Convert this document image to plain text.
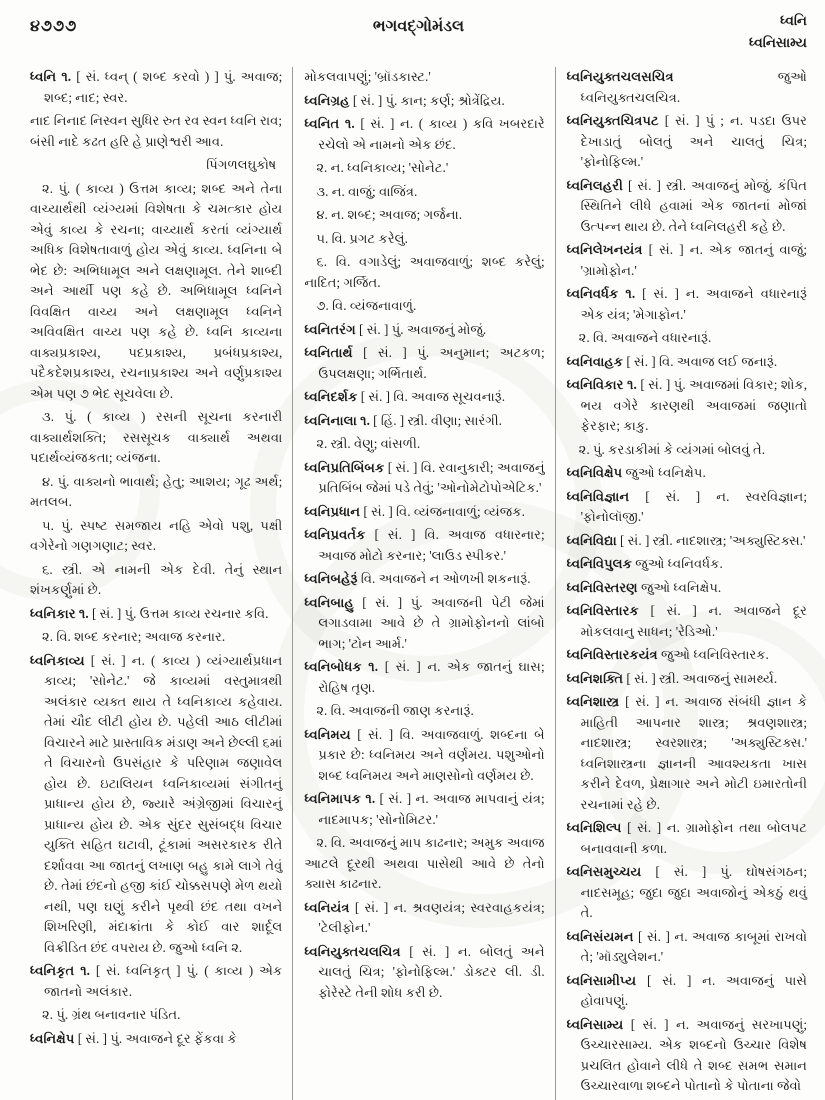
૪૭૭૭	ભગવદ્ગોમંડલ	ધ્વનિ
ધ્વનિસામ્ય

ધ્વનિ ૧. [ સં. ધ્વન્ ( શબ્દ કરવો ) ] પું. અવાજ; શબ્દ; નાદ; સ્વર.

નાદ નિનાદ નિસ્વન સુધિર રુત રવ સ્વન ધ્વનિ રાવ; બંસી નાદે કઢત હરિ હે પ્રાણેશ્વરી આવ.

પિંગળલઘુકોષ

૨. પું. ( કાવ્ય ) ઉત્તમ કાવ્ય; શબ્દ અને તેના વાચ્યાર્થથી વ્યંગ્યમાં વિશેષતા કે ચમત્કાર હોય એવું કાવ્ય કે રચના; વાચ્યાર્થ કરતાં વ્યંગ્યાર્થ અધિક વિશેષતાવાળું હોય એવું કાવ્ય. ધ્વનિના બે ભેદ છે: અભિધામૂલ અને લક્ષણામૂલ. તેને શાબ્દી અને આર્થી પણ કહે છે. અભિધામૂલ ધ્વનિને વિવક્ષિત વાચ્ય અને લક્ષણામૂલ ધ્વનિને અવિવક્ષિત વાચ્ય પણ કહે છે. ધ્વનિ કાવ્યના વાક્યપ્રકાશ્ય, પદપ્રકાશ્ય, પ્રબંધપ્રકાશ્ય, પદૈકદેશપ્રકાશ્ય, રચનાપ્રકાશ્ય અને વર્ણુપ્રકાશ્ય એમ પણ ૭ ભેદ સૂચવેલા છે.

૩. પું. ( કાવ્ય ) રસની સૂચના કરનારી વાક્યાર્થશક્તિ; રસસૂચક વાક્યાર્થ અથવા પદાર્થવ્યંજકતા; વ્યંજના.

૪. પું. વાક્યનો ભાવાર્થ; હેતુ; આશય; ગૂઢ અર્થ; મતલબ.

૫. પું. સ્પષ્ટ સમજાય નહિ એવો પશુ, પક્ષી વગેરેનો ગણગણાટ; સ્વર.

૬. સ્ત્રી. એ નામની એક દેવી. તેનું સ્થાન શંખકર્ણુમાં છે.

ધ્વનિકાર ૧. [ સં. ] પું. ઉત્તમ કાવ્ય રચનાર કવિ.

૨. વિ. શબ્દ કરનાર; અવાજ કરનાર.

ધ્વનિકાવ્ય [ સં. ] ન. ( કાવ્ય ) વ્યંગ્યાર્થપ્રધાન કાવ્ય; 'સોનેટ.' જે કાવ્યમાં વસ્તુમાત્રથી અલંકાર વ્યક્ત થાય તે ધ્વનિકાવ્ય કહેવાય. તેમાં ચૌદ લીટી હોય છે. પહેલી આઠ લીટીમાં વિચારને માટે પ્રાસ્તાવિક મંડાણ અને છેલ્લી ૬માં તે વિચારનો ઉપસંહાર કે પરિણામ જણાવેલ હોય છે. ઇટાલિયન ધ્વનિકાવ્યમાં સંગીતનું પ્રાધાન્ય હોય છે, જ્યારે અંગ્રેજીમાં વિચારનું પ્રાધાન્ય હોય છે. એક સુંદર સુસંબદ્ધ વિચાર યુક્તિ સહિત ઘટાવી, ટૂંકામાં અસરકારક રીતે દર્શાવવા આ જાતનું લખાણ બહુ કામે લાગે તેવું છે. તેમાં છંદનો હજી કાંઈ ચોક્કસપણે મેળ થયો નથી, પણ ઘણું કરીને પૃથ્વી છંદ તથા વખને શિખરિણી, મંદાક્રાંતા કે કોઈ વાર શાર્દૂલ વિક્રીડિત છંદ વપરાય છે. જુઓ ધ્વનિ ૨.

ધ્વનિકૃત ૧. [ સં. ધ્વનિકૃત્ ] પું. ( કાવ્ય ) એક જાતનો અલંકાર.

૨. પું. ગ્રંથ બનાવનાર પંડિત.

ધ્વનિક્ષેપ [ સં. ] પું. અવાજને દૂર ફેંકવા કે

મોકલવાપણું; 'બ્રૉડકાસ્ટ.'

ધ્વનિગ્રહ [ સં. ] પું. કાન; કર્ણ; શ્રોત્રેંદ્રિય.

ધ્વનિત ૧. [ સં. ] ન. ( કાવ્ય ) કવિ ખબરદારે રચેલો એ નામનો એક છંદ.

૨. ન. ધ્વનિકાવ્ય; 'સોનેટ.'

૩. ન. વાજું; વાજિંત્ર.

૪. ન. શબ્દ; અવાજ; ગર્જના.

૫. વિ. પ્રગટ કરેલું.

૬. વિ. વગાડેલું; અવાજવાળું; શબ્દ કરેલું; નાદિત; ગર્જિત.

૭. વિ. વ્યંજનાવાળું.

ધ્વનિતરંગ [ સં. ] પું. અવાજનું મોજું.

ધ્વનિતાર્થ [ સં. ] પું. અનુમાન; અટકળ; ઉપલક્ષણા; ગર્ભિતાર્થ.

ધ્વનિદર્શક [ સં. ] વિ. અવાજ સૂચવનારૂં.

ધ્વનિનાલા ૧. [ હિં. ] સ્ત્રી. વીણા; સારંગી.

૨. સ્ત્રી. વેણુ; વાંસળી.

ધ્વનિપ્રતિબિંબક [ સં. ] વિ. રવાનુકારી; અવાજનું પ્રતિબિંબ જેમાં પડે તેવું; 'ઓનોમેટોપોએટિક.'

ધ્વનિપ્રધાન [ સં. ] વિ. વ્યંજનાવાળું; વ્યંજક.

ધ્વનિપ્રવર્તક [ સં. ] વિ. અવાજ વધારનાર; અવાજ મોટો કરનાર; 'લાઉડ સ્પીકર.'

ધ્વનિબહેરૂં વિ. અવાજને ન ઓળખી શકનારૂં.

ધ્વનિબાહુ [ સં. ] પું. અવાજની પેટી જેમાં લગાડવામા આવે છે તે ગ્રામોફોનનો લાંબો ભાગ; 'ટોન આર્મ.'

ધ્વનિબોધક ૧. [ સં. ] ન. એક જાતનું ઘાસ; રોહિષ તૃણ.

૨. વિ. અવાજની જાણ કરનારૂં.

ધ્વનિમય [ સં. ] વિ. અવાજવાળું. શબ્દના બે પ્રકાર છે: ધ્વનિમય અને વર્ણમય. પશુઓનો શબ્દ ધ્વનિમય અને માણસોનો વર્ણમય છે.

ધ્વનિમાપક ૧. [ સં. ] ન. અવાજ માપવાનું યંત્ર; નાદમાપક; 'સોનોમિટર.'

૨. વિ. અવાજનું માપ કાઢનાર; અમુક અવાજ આટલે દૂરથી અથવા પાસેથી આવે છે તેનો ક્યાસ કાઢનાર.

ધ્વનિયંત્ર [ સં. ] ન. શ્રવણયંત્ર; સ્વરવાહકયંત્ર; 'ટેલીફોન.'

ધ્વનિયુક્તચલચિત્ર [ સં. ] ન. બોલતું અને ચાલતું ચિત્ર; 'ફોનોફિલ્મ.' ડોક્ટર લી. ડી. ફોરેસ્ટે તેની શોધ કરી છે.

ધ્વનિયુક્તચલસચિત્ર જુઓ ધ્વનિયુક્તચલચિત્ર.

ધ્વનિયુક્તચિત્રપટ [ સં. ] પું ; ન. પડદા ઉપર દેખાડાતું બોલતું અને ચાલતું ચિત્ર; 'ફોનોફિલ્મ.'

ધ્વનિલહરી [ સં. ] સ્ત્રી. અવાજનું મોજું. કંપિત સ્થિતિને લીધે હવામાં એક જાતનાં મોજાં ઉત્પન્ન થાય છે. તેને ધ્વનિલહરી કહે છે.

ધ્વનિલેખનયંત્ર [ સં. ] ન. એક જાતનું વાજું; 'ગ્રામોફોન.'

ધ્વનિવર્ધક ૧. [ સં. ] ન. અવાજને વધારનારૂં એક યંત્ર; 'મેગાફોન.'

૨. વિ. અવાજને વધારનારૂં.

ધ્વનિવાહક [ સં. ] વિ. અવાજ લઈ જનારૂં.

ધ્વનિવિકાર ૧. [ સં. ] પું. અવાજમાં વિકાર; શોક, ભય વગેરે કારણથી અવાજમાં જણાતો ફેરફાર; કાકુ.

૨. પું. કરડાકીમાં કે વ્યંગમાં બોલવું તે.

ધ્વનિવિક્ષેપ જુઓ ધ્વનિક્ષેપ.

ધ્વનિવિજ્ઞાન [ સં. ] ન. સ્વરવિજ્ઞાન; 'ફોનોલૉજી.'

ધ્વનિવિદ્યા [ સં. ] સ્ત્રી. નાદશાસ્ત્ર; 'અક્યુસ્ટિક્સ.'

ધ્વનિવિપુલક જુઓ ધ્વનિવર્ધક.

ધ્વનિવિસ્તરણ જુઓ ધ્વનિક્ષેપ.

ધ્વનિવિસ્તારક [ સં. ] ન. અવાજને દૂર મોકલવાનુ સાધન; 'રેડિઓ.'

ધ્વનિવિસ્તારકયંત્ર જુઓ ધ્વનિવિસ્તારક.

ધ્વનિશક્તિ [ સં. ] સ્ત્રી. અવાજનું સામર્થ્ય.

ધ્વનિશાસ્ત્ર [ સં. ] ન. અવાજ સંબંધી જ્ઞાન કે માહિતી આપનાર શાસ્ત્ર; શ્રવણશાસ્ત્ર; નાદશાસ્ત્ર; સ્વરશાસ્ત્ર; 'અક્યુસ્ટિક્સ.' ધ્વનિશાસ્ત્રના જ્ઞાનની આવશ્યકતા ખાસ કરીને દેવળ, પ્રેક્ષાગાર અને મોટી ઇમારતોની રચનામાં રહે છે.

ધ્વનિશિલ્પ [ સં. ] ન. ગ્રામોફોન તથા બોલપટ બનાવવાની કળા.

ધ્વનિસમુચ્ચય [ સં. ] પું. ઘોષસંગઠન; નાદસમૂહ; જુદા જુદા અવાજોનું એકઠું થવું તે.

ધ્વનિસંયમન [ સં. ] ન. અવાજ કાબૂમાં રાખવો તે; 'મૉડ્યુલેશન.'

ધ્વનિસામીપ્ય [ સં. ] ન. અવાજનું પાસે હોવાપણું.

ધ્વનિસામ્ય [ સં. ] ન. અવાજનું સરખાપણું; ઉચ્ચારસામ્ય. એક શબ્દનો ઉચ્ચાર વિશેષ પ્રચલિત હોવાને લીધે તે શબ્દ સમભ સમાન ઉચ્ચારવાળા શબ્દને પોતાનો કે પોતાના જેવો
